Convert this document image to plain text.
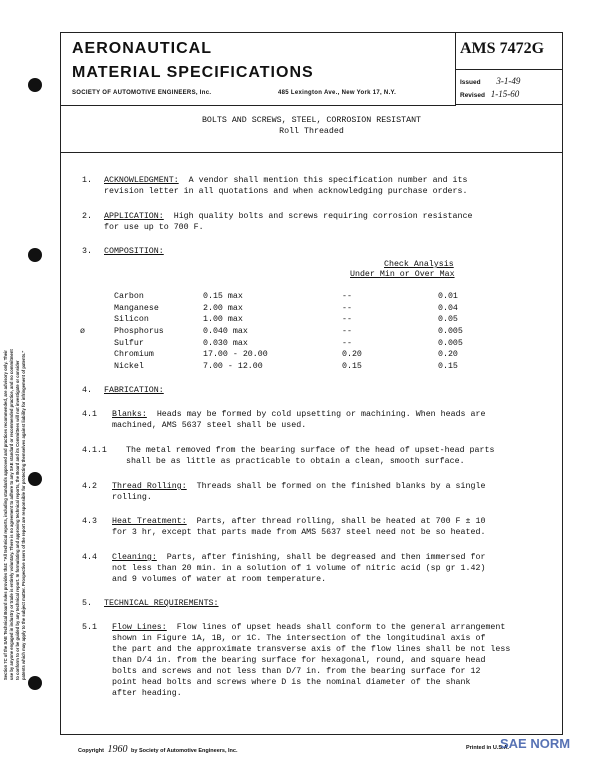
Section 7C of the SAE Technical Board rules provides that: "All technical reports, including standards approved and practices recommended, are advisory only. Their use by anyone engaged in industry or trade is entirely voluntary. There is no agreement to adhere to any SAE standard or recommended practice, and no commitment to conform to or be guided by any technical report. In formulating and approving technical reports, the Board and its Committees will not investigate or consider patents which may apply to the subject matter. Prospective users of the report are responsible for protecting themselves against liability for infringement of patents."
AERONAUTICAL
MATERIAL SPECIFICATIONS
SOCIETY OF AUTOMOTIVE ENGINEERS, Inc.	485 Lexington Ave., New York 17, N.Y.
AMS 7472G
Issued 3-1-49
Revised 1-15-60
BOLTS AND SCREWS, STEEL, CORROSION RESISTANT
Roll Threaded
1. ACKNOWLEDGMENT: A vendor shall mention this specification number and its
revision letter in all quotations and when acknowledging purchase orders.
2. APPLICATION: High quality bolts and screws requiring corrosion resistance
for use up to 700 F.
3. COMPOSITION:
Check Analysis
Under Min or Over Max
Carbon	0.15 max	--	0.01
Manganese	2.00 max	--	0.04
Silicon	1.00 max	--	0.05
ø	Phosphorus	0.040 max	--	0.005
Sulfur	0.030 max	--	0.005
Chromium	17.00 - 20.00	0.20	0.20
Nickel	7.00 - 12.00	0.15	0.15
4. FABRICATION:
4.1 Blanks: Heads may be formed by cold upsetting or machining. When heads are
machined, AMS 5637 steel shall be used.
4.1.1 The metal removed from the bearing surface of the head of upset-head parts
shall be as little as practicable to obtain a clean, smooth surface.
4.2 Thread Rolling: Threads shall be formed on the finished blanks by a single
rolling.
4.3 Heat Treatment: Parts, after thread rolling, shall be heated at 700 F ± 10
for 3 hr, except that parts made from AMS 5637 steel need not be so heated.
4.4 Cleaning: Parts, after finishing, shall be degreased and then immersed for
not less than 20 min. in a solution of 1 volume of nitric acid (sp gr 1.42)
and 9 volumes of water at room temperature.
5. TECHNICAL REQUIREMENTS:
5.1 Flow Lines: Flow lines of upset heads shall conform to the general arrangement
shown in Figure 1A, 1B, or 1C. The intersection of the longitudinal axis of
the part and the approximate transverse axis of the flow lines shall be not less
than D/4 in. from the bearing surface for hexagonal, round, and square head
bolts and screws and not less than D/7 in. from the bearing surface for 12
point head bolts and screws where D is the nominal diameter of the shank
after heading.
Copyright 1960 by Society of Automotive Engineers, Inc.	Printed in U.S.A.
SAE NORM
